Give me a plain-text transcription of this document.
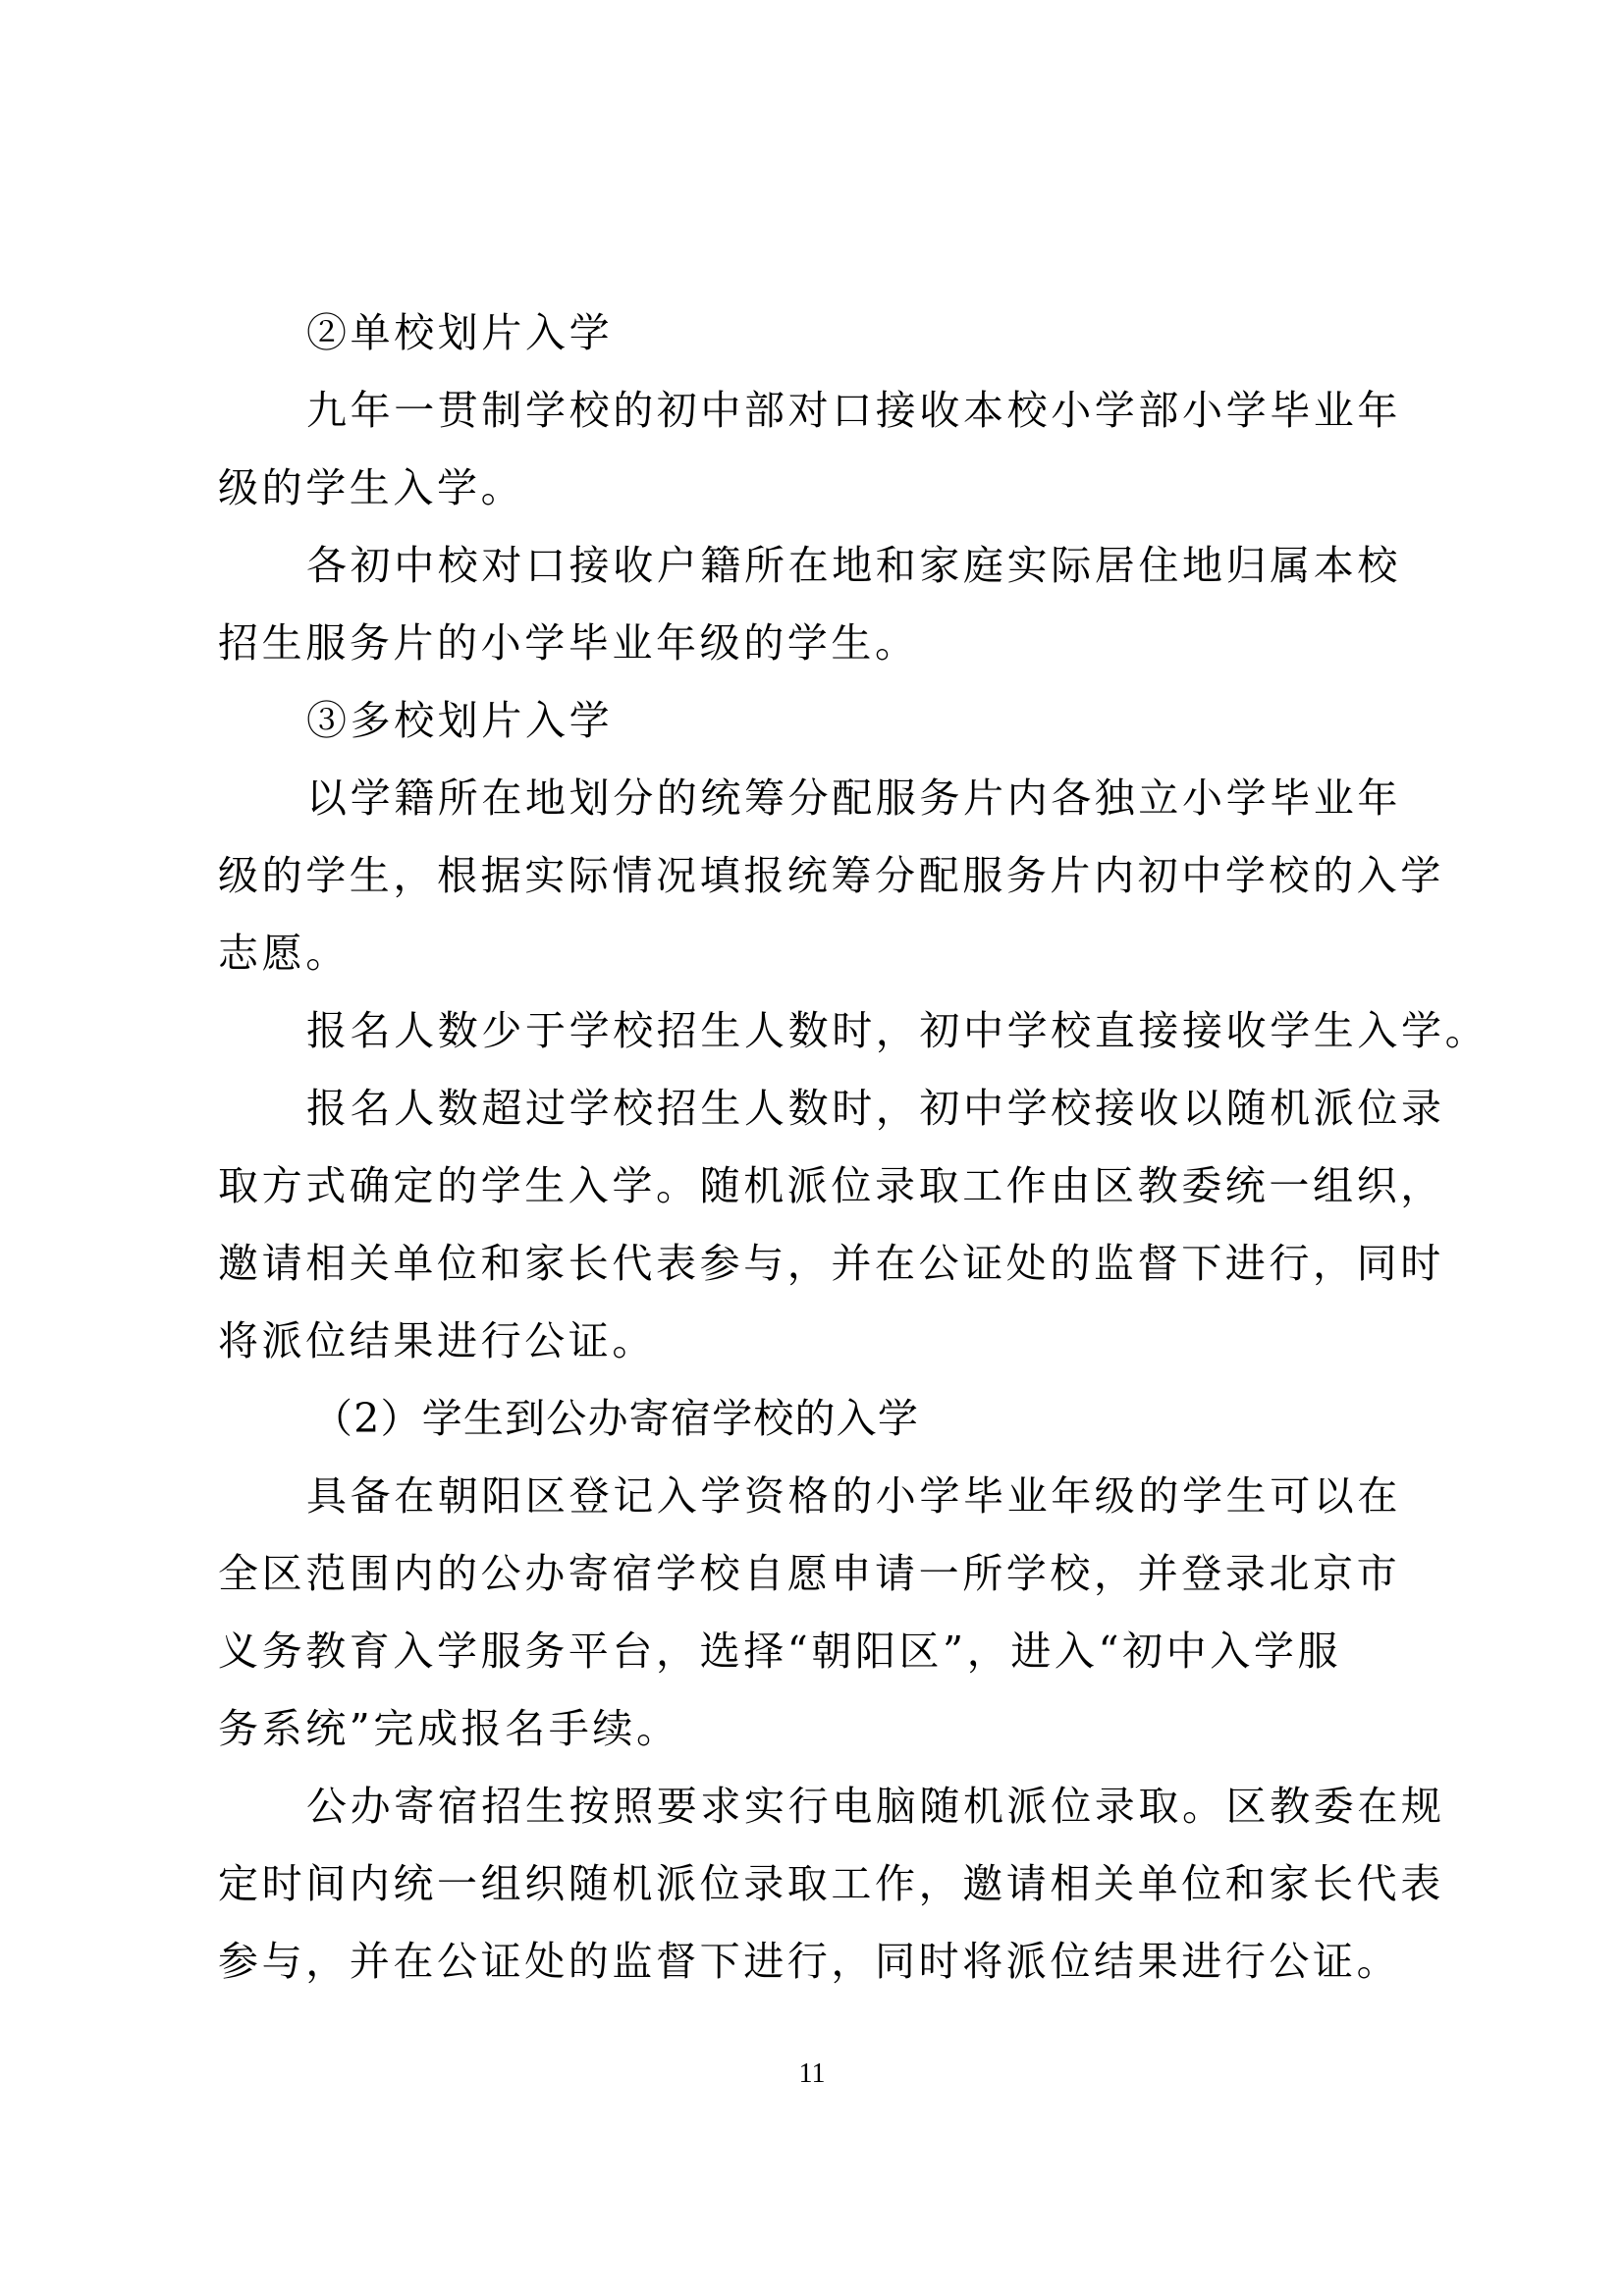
②单校划片入学
九年一贯制学校的初中部对口接收本校小学部小学毕业年
级的学生入学。
各初中校对口接收户籍所在地和家庭实际居住地归属本校
招生服务片的小学毕业年级的学生。
③多校划片入学
以学籍所在地划分的统筹分配服务片内各独立小学毕业年
级的学生，根据实际情况填报统筹分配服务片内初中学校的入学
志愿。
报名人数少于学校招生人数时，初中学校直接接收学生入学。
报名人数超过学校招生人数时，初中学校接收以随机派位录
取方式确定的学生入学。随机派位录取工作由区教委统一组织，
邀请相关单位和家长代表参与，并在公证处的监督下进行，同时
将派位结果进行公证。
（2）学生到公办寄宿学校的入学
具备在朝阳区登记入学资格的小学毕业年级的学生可以在
全区范围内的公办寄宿学校自愿申请一所学校，并登录北京市
义务教育入学服务平台，选择“朝阳区”，进入“初中入学服
务系统”完成报名手续。
公办寄宿招生按照要求实行电脑随机派位录取。区教委在规
定时间内统一组织随机派位录取工作，邀请相关单位和家长代表
参与，并在公证处的监督下进行，同时将派位结果进行公证。
11
